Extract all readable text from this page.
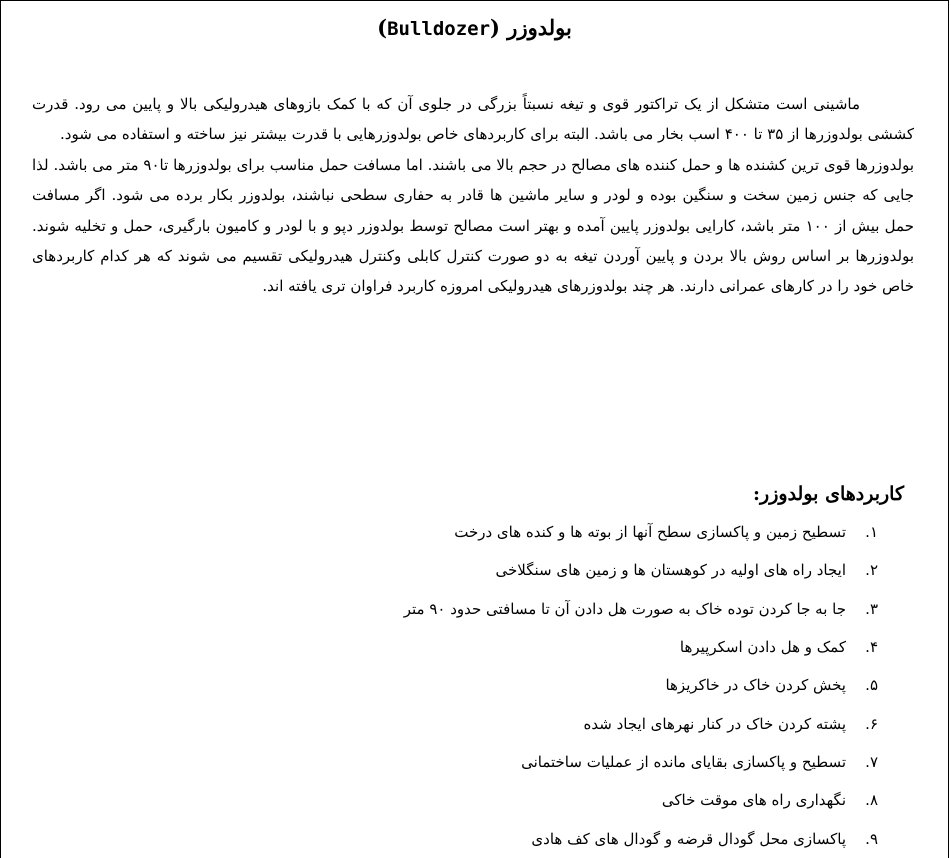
بولدوزر (Bulldozer)

ماشینی است متشکل از یک تراکتور قوی و تیغه نسبتاً بزرگی در جلوی آن که با کمک بازوهای هیدرولیکی بالا و پایین می رود. قدرت کششی بولدوزرها از ۳۵ تا ۴۰۰ اسب بخار می باشد. البته برای کاربردهای خاص بولدوزرهایی با قدرت بیشتر نیز ساخته و استفاده می شود.

بولدوزرها قوی ترین کشنده ها و حمل کننده های مصالح در حجم بالا می باشند. اما مسافت حمل مناسب برای بولدوزرها تا۹۰ متر می باشد. لذا جایی که جنس زمین سخت و سنگین بوده و لودر و سایر ماشین ها قادر به حفاری سطحی نباشند، بولدوزر بکار برده می شود. اگر مسافت حمل بیش از ۱۰۰ متر باشد، کارایی بولدوزر پایین آمده و بهتر است مصالح توسط بولدوزر دپو و با لودر و کامیون بارگیری، حمل و تخلیه شوند. بولدوزرها بر اساس روش بالا بردن و پایین آوردن تیغه به دو صورت کنترل کابلی وکنترل هیدرولیکی تقسیم می شوند که هر کدام کاربردهای خاص خود را در کارهای عمرانی دارند. هر چند بولدوزرهای هیدرولیکی امروزه کاربرد فراوان تری یافته اند.

کاربردهای بولدوزر:
۱.
تسطیح زمین و پاکسازی سطح آنها از بوته ها و کنده های درخت
۲.
ایجاد راه های اولیه در کوهستان ها و زمین های سنگلاخی
۳.
جا به جا کردن توده خاک به صورت هل دادن آن تا مسافتی حدود ۹۰ متر
۴.
کمک و هل دادن اسکرپیرها
۵.
پخش کردن خاک در خاکریزها
۶.
پشته کردن خاک در کنار نهرهای ایجاد شده
۷.
تسطیح و پاکسازی بقایای مانده از عملیات ساختمانی
۸.
نگهداری راه های موقت خاکی
۹.
پاکسازی محل گودال قرضه و گودال های کف هادی
